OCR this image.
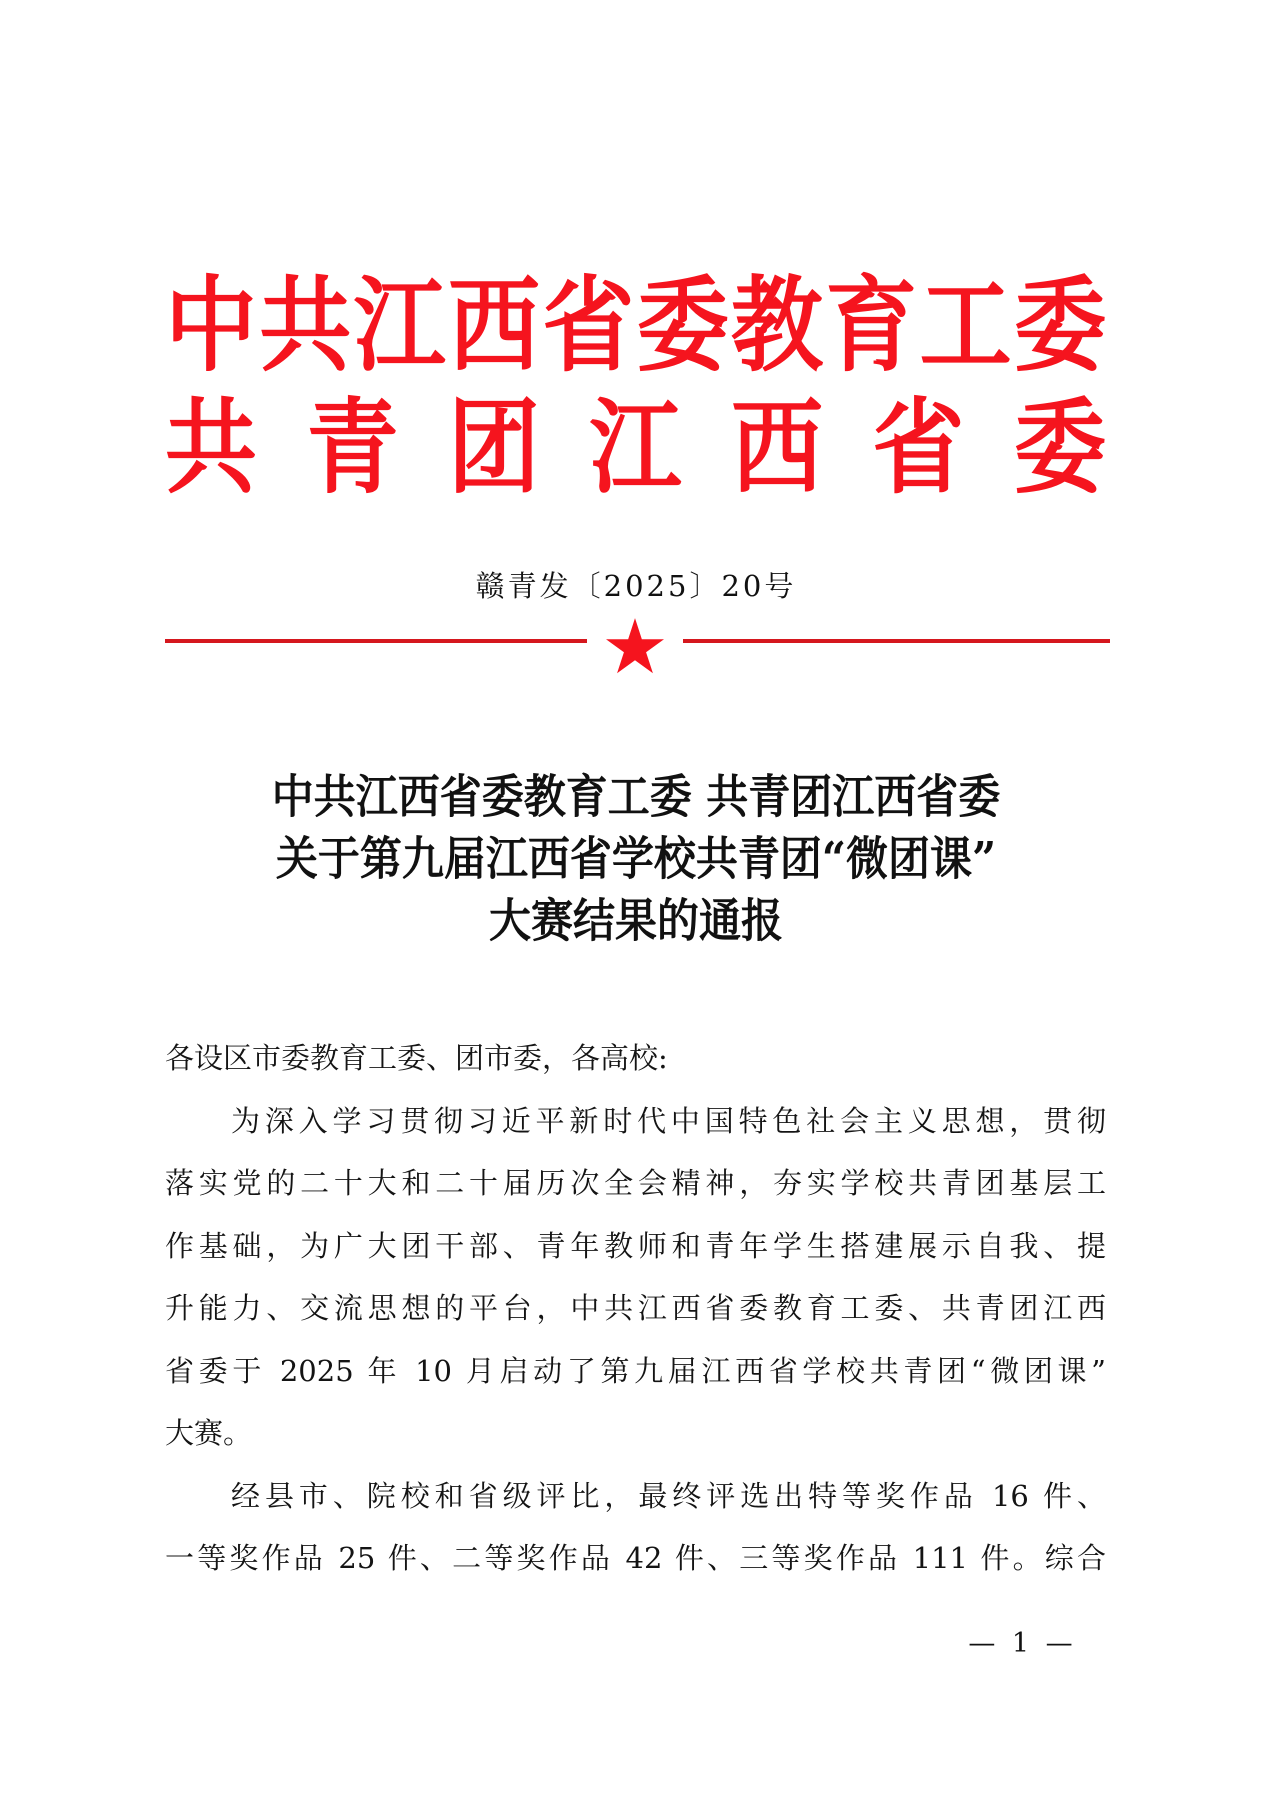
中 共 江 西 省 委 教 育 工 委
共 青 团 江 西 省 委
赣青发〔2025〕20号
中共江西省委教育工委 共青团江西省委
关于第九届江西省学校共青团“微团课”
大赛结果的通报
各设区市委教育工委、团市委，各高校:
为深入学习贯彻习近平新时代中国特色社会主义思想，贯彻
落实党的二十大和二十届历次全会精神，夯实学校共青团基层工
作基础，为广大团干部、青年教师和青年学生搭建展示自我、提
升能力、交流思想的平台，中共江西省委教育工委、共青团江西
省委于 2025 年 10 月启动了第九届江西省学校共青团“微团课”
大赛。
经县市、院校和省级评比，最终评选出特等奖作品 16 件、
一等奖作品 25 件、二等奖作品 42 件、三等奖作品 111 件。综合
— 1 —
